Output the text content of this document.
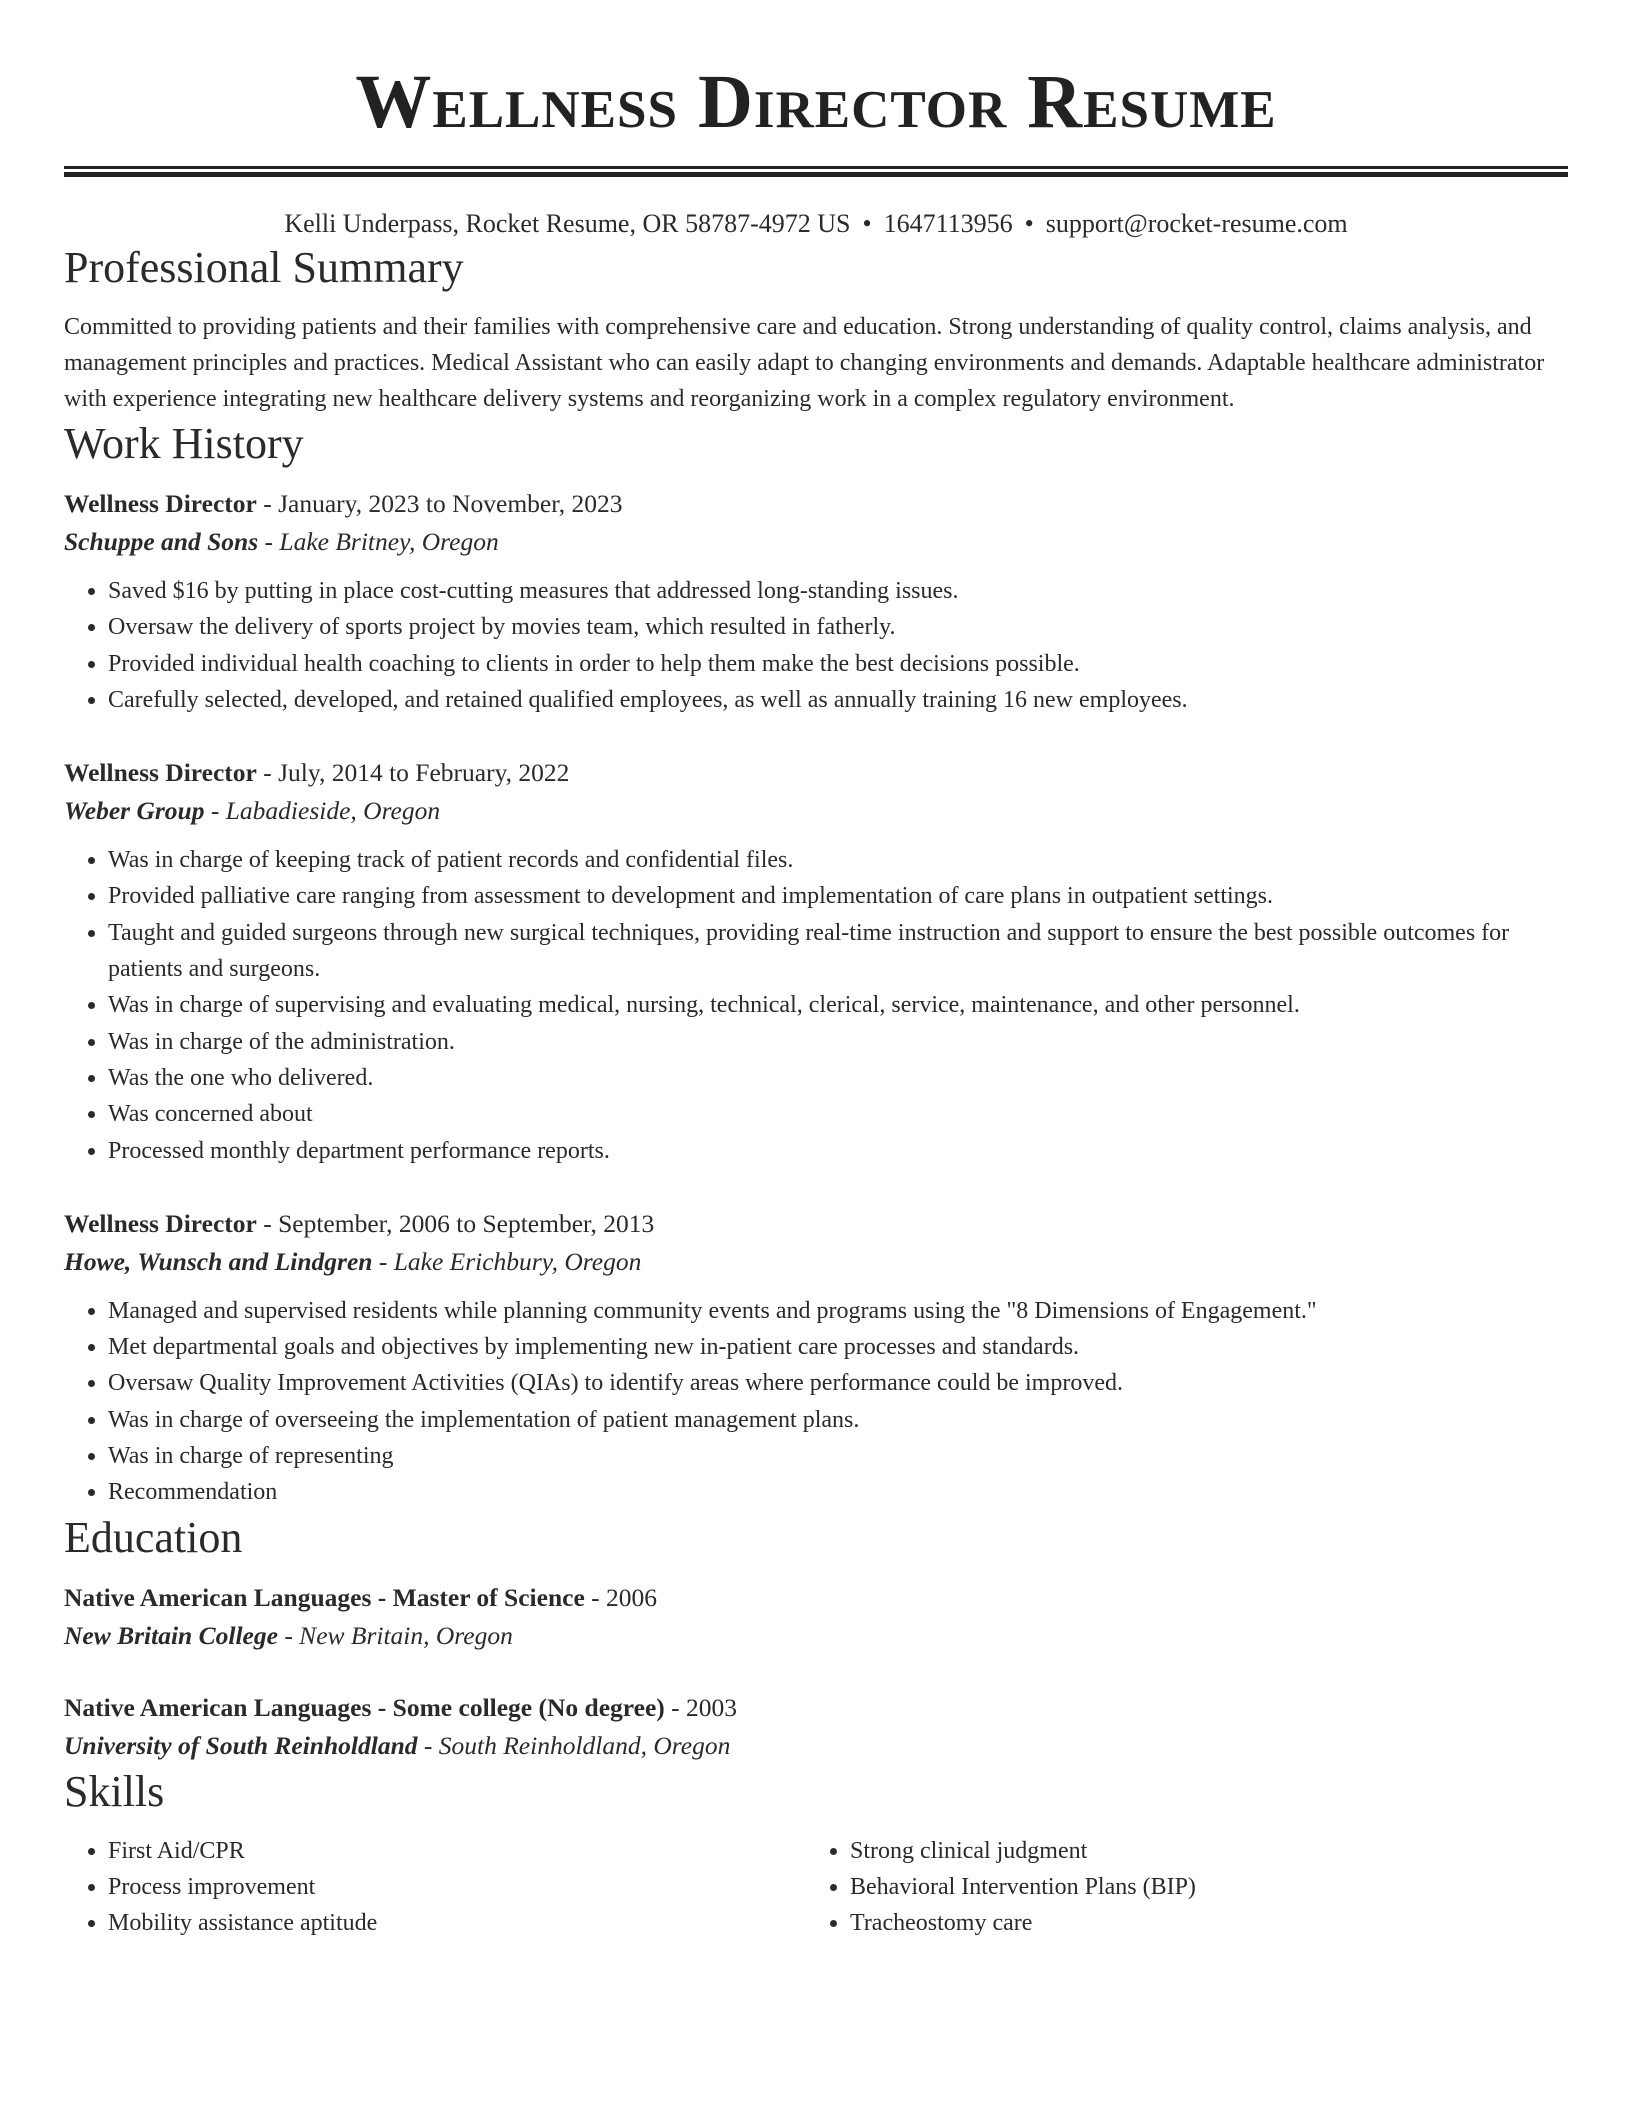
Wellness Director Resume
Kelli Underpass, Rocket Resume, OR 58787-4972 US • 1647113956 • support@rocket-resume.com
Professional Summary
Committed to providing patients and their families with comprehensive care and education. Strong understanding of quality control, claims analysis, and management principles and practices. Medical Assistant who can easily adapt to changing environments and demands. Adaptable healthcare administrator with experience integrating new healthcare delivery systems and reorganizing work in a complex regulatory environment.
Work History
Wellness Director - January, 2023 to November, 2023
Schuppe and Sons - Lake Britney, Oregon
• Saved $16 by putting in place cost-cutting measures that addressed long-standing issues.
• Oversaw the delivery of sports project by movies team, which resulted in fatherly.
• Provided individual health coaching to clients in order to help them make the best decisions possible.
• Carefully selected, developed, and retained qualified employees, as well as annually training 16 new employees.
Wellness Director - July, 2014 to February, 2022
Weber Group - Labadieside, Oregon
• Was in charge of keeping track of patient records and confidential files.
• Provided palliative care ranging from assessment to development and implementation of care plans in outpatient settings.
• Taught and guided surgeons through new surgical techniques, providing real-time instruction and support to ensure the best possible outcomes for patients and surgeons.
• Was in charge of supervising and evaluating medical, nursing, technical, clerical, service, maintenance, and other personnel.
• Was in charge of the administration.
• Was the one who delivered.
• Was concerned about
• Processed monthly department performance reports.
Wellness Director - September, 2006 to September, 2013
Howe, Wunsch and Lindgren - Lake Erichbury, Oregon
• Managed and supervised residents while planning community events and programs using the "8 Dimensions of Engagement."
• Met departmental goals and objectives by implementing new in-patient care processes and standards.
• Oversaw Quality Improvement Activities (QIAs) to identify areas where performance could be improved.
• Was in charge of overseeing the implementation of patient management plans.
• Was in charge of representing
• Recommendation
Education
Native American Languages - Master of Science - 2006
New Britain College - New Britain, Oregon
Native American Languages - Some college (No degree) - 2003
University of South Reinholdland - South Reinholdland, Oregon
Skills
• First Aid/CPR
• Process improvement
• Mobility assistance aptitude
• Strong clinical judgment
• Behavioral Intervention Plans (BIP)
• Tracheostomy care
